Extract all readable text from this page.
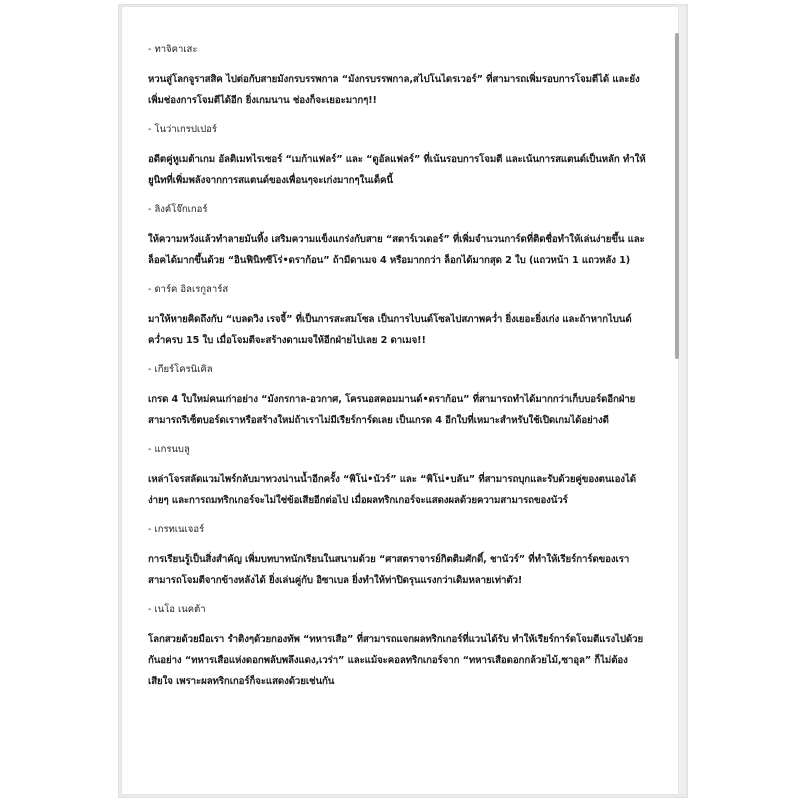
- ทาจิคาเสะ

หวนสู่โลกจูราสสิค ไปต่อกับสายมังกรบรรพกาล “มังกรบรรพกาล,สไปโนไดรเวอร์” ที่สามารถเพิ่มรอบการโจมตีได้ และยังเพิ่มช่องการโจมตีได้อีก ยิ่งเกมนาน ช่องก็จะเยอะมากๆ!!

- โนว่าเกรปเปอร์

อดีตคู่หูเมต้าเกม อัลติเมทไรเซอร์ “เมก้าแฟลร์” และ “ดูอัลแฟลร์” ที่เน้นรอบการโจมตี และเน้นการสแตนด์เป็นหลัก ทำให้ยูนิทที่เพิ่มพลังจากการสแตนด์ของเพื่อนๆจะเก่งมากๆในเด็คนี้

- ลิงค์โจ๊กเกอร์

ให้ความหวังแล้วทำลายมันทิ้ง เสริมความแข็งแกร่งกับสาย “สตาร์เวเดอร์” ที่เพิ่มจำนวนการ์ดที่ติดชื่อทำให้เล่นง่ายขึ้น และล็อคได้มากขึ้นด้วย “อินฟินิทซีโร่•ดราก้อน” ถ้ามีดาเมจ 4 หรือมากกว่า ล็อกได้มากสุด 2 ใบ (แถวหน้า 1 แถวหลัง 1)

- ดาร์ค อิลเรกูลาร์ส

มาให้หายคิดถึงกับ “เบลดวิง เรจจี้” ที่เป็นการสะสมโซล เป็นการไบนด์โซลไปสภาพคว่ำ ยิ่งเยอะยิ่งเก่ง และถ้าหากไบนด์คว่ำครบ 15 ใบ เมื่อโจมตีจะสร้างดาเมจให้อีกฝ่ายไปเลย 2 ดาเมจ!!

- เกียร์โครนิเคิล

เกรด 4 ใบใหม่คนเก่าอย่าง “มังกรกาล-อวกาศ, โครนอสคอมมานด์•ดราก้อน” ที่สามารถทำได้มากกว่าเก็บบอร์ดอีกฝ่าย สามารถรีเซ็ตบอร์ดเราหรือสร้างใหม่ถ้าเราไม่มีเรียร์การ์ดเลย เป็นเกรด 4 อีกใบที่เหมาะสำหรับใช้เปิดเกมได้อย่างดี

- แกรนบลู

เหล่าโจรสลัดแวมไพร์กลับมาทวงน่านน้ำอีกครั้ง “พิโน่•นัวร์” และ “พิโน่•บลัน” ที่สามารถบุกและรับด้วยคู่ของตนเองได้ง่ายๆ และการถมทริกเกอร์จะไม่ใช่ข้อเสียอีกต่อไป เมื่อผลทริกเกอร์จะแสดงผลด้วยความสามารถของนัวร์

- เกรทเนเจอร์

การเรียนรู้เป็นสิ่งสำคัญ เพิ่มบทบาทนักเรียนในสนามด้วย “ศาสตราจารย์กิตติมศักดิ์, ชานัวร์” ที่ทำให้เรียร์การ์ดของเราสามารถโจมตีจากข้างหลังได้ ยิ่งเล่นคู่กับ อิซาเบล ยิ่งทำให้ท่าปิดรุนแรงกว่าเดิมหลายเท่าตัว!

- เนโอ เนคต้า

โลกสวยด้วยมือเรา รำติงๆด้วยกองทัพ “ทหารเสือ” ที่สามารถแจกผลทริกเกอร์ที่แวนได้รับ ทำให้เรียร์การ์ดโจมตีแรงไปด้วยกันอย่าง “ทหารเสือแห่งดอกพลับพลึงแดง,เวร่า” และแม้จะคอลทริกเกอร์จาก “ทหารเสือดอกกล้วยไม้,ซาอุล” ก็ไม่ต้องเสียใจ เพราะผลทริกเกอร์ก็จะแสดงด้วยเช่นกัน
